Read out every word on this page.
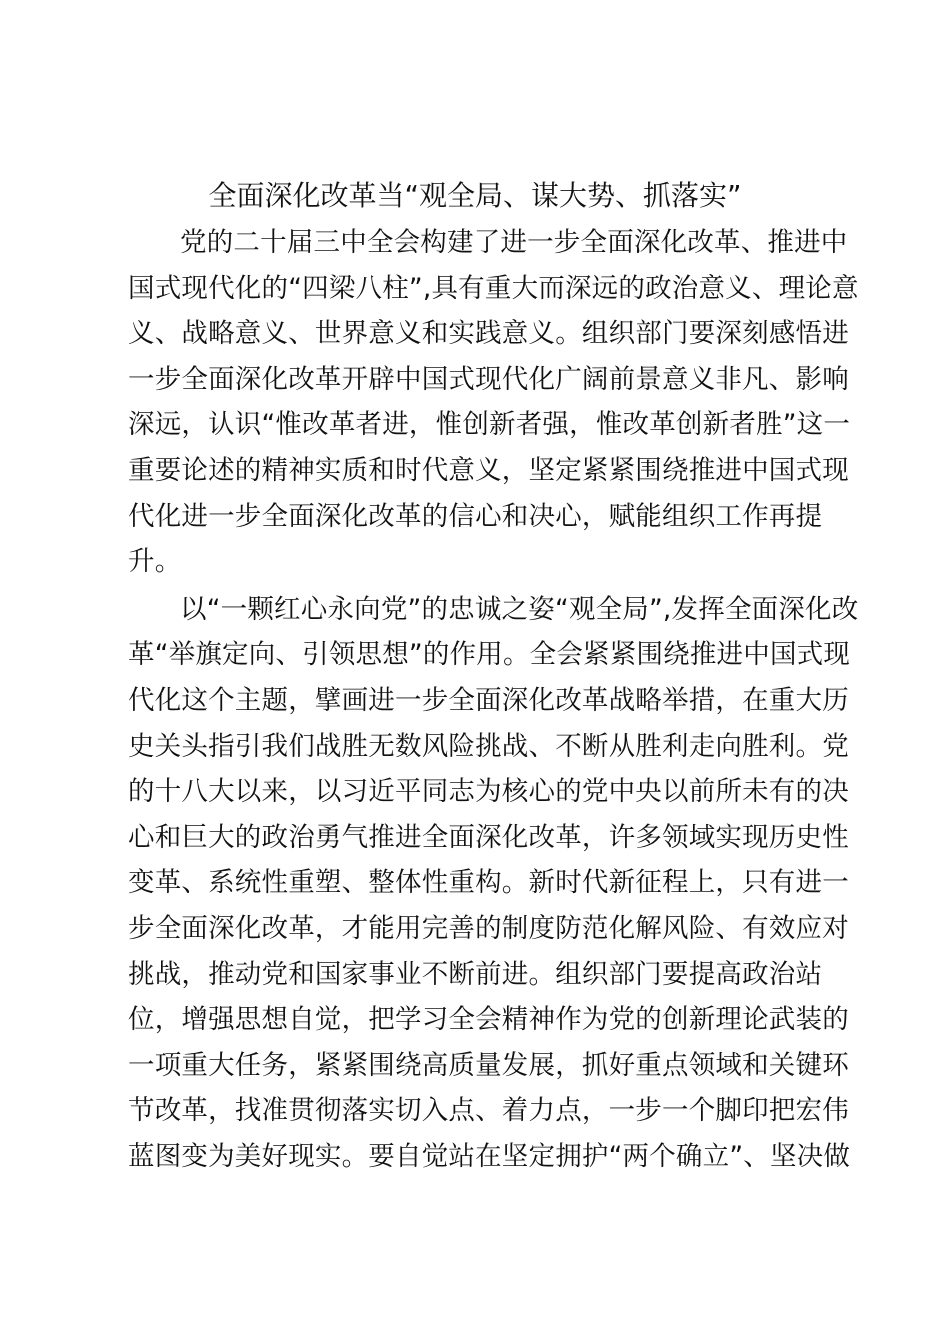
全面深化改革当“观全局、谋大势、抓落实”

党的二十届三中全会构建了进一步全面深化改革、推进中
国式现代化的“四梁八柱”,具有重大而深远的政治意义、理论意
义、战略意义、世界意义和实践意义。组织部门要深刻感悟进
一步全面深化改革开辟中国式现代化广阔前景意义非凡、影响
深远，认识“惟改革者进，惟创新者强，惟改革创新者胜”这一
重要论述的精神实质和时代意义，坚定紧紧围绕推进中国式现
代化进一步全面深化改革的信心和决心，赋能组织工作再提
升。

以“一颗红心永向党”的忠诚之姿“观全局”,发挥全面深化改
革“举旗定向、引领思想”的作用。全会紧紧围绕推进中国式现
代化这个主题，擘画进一步全面深化改革战略举措，在重大历
史关头指引我们战胜无数风险挑战、不断从胜利走向胜利。党
的十八大以来，以习近平同志为核心的党中央以前所未有的决
心和巨大的政治勇气推进全面深化改革，许多领域实现历史性
变革、系统性重塑、整体性重构。新时代新征程上，只有进一
步全面深化改革，才能用完善的制度防范化解风险、有效应对
挑战，推动党和国家事业不断前进。组织部门要提高政治站
位，增强思想自觉，把学习全会精神作为党的创新理论武装的
一项重大任务，紧紧围绕高质量发展，抓好重点领域和关键环
节改革，找准贯彻落实切入点、着力点，一步一个脚印把宏伟
蓝图变为美好现实。要自觉站在坚定拥护“两个确立”、坚决做
